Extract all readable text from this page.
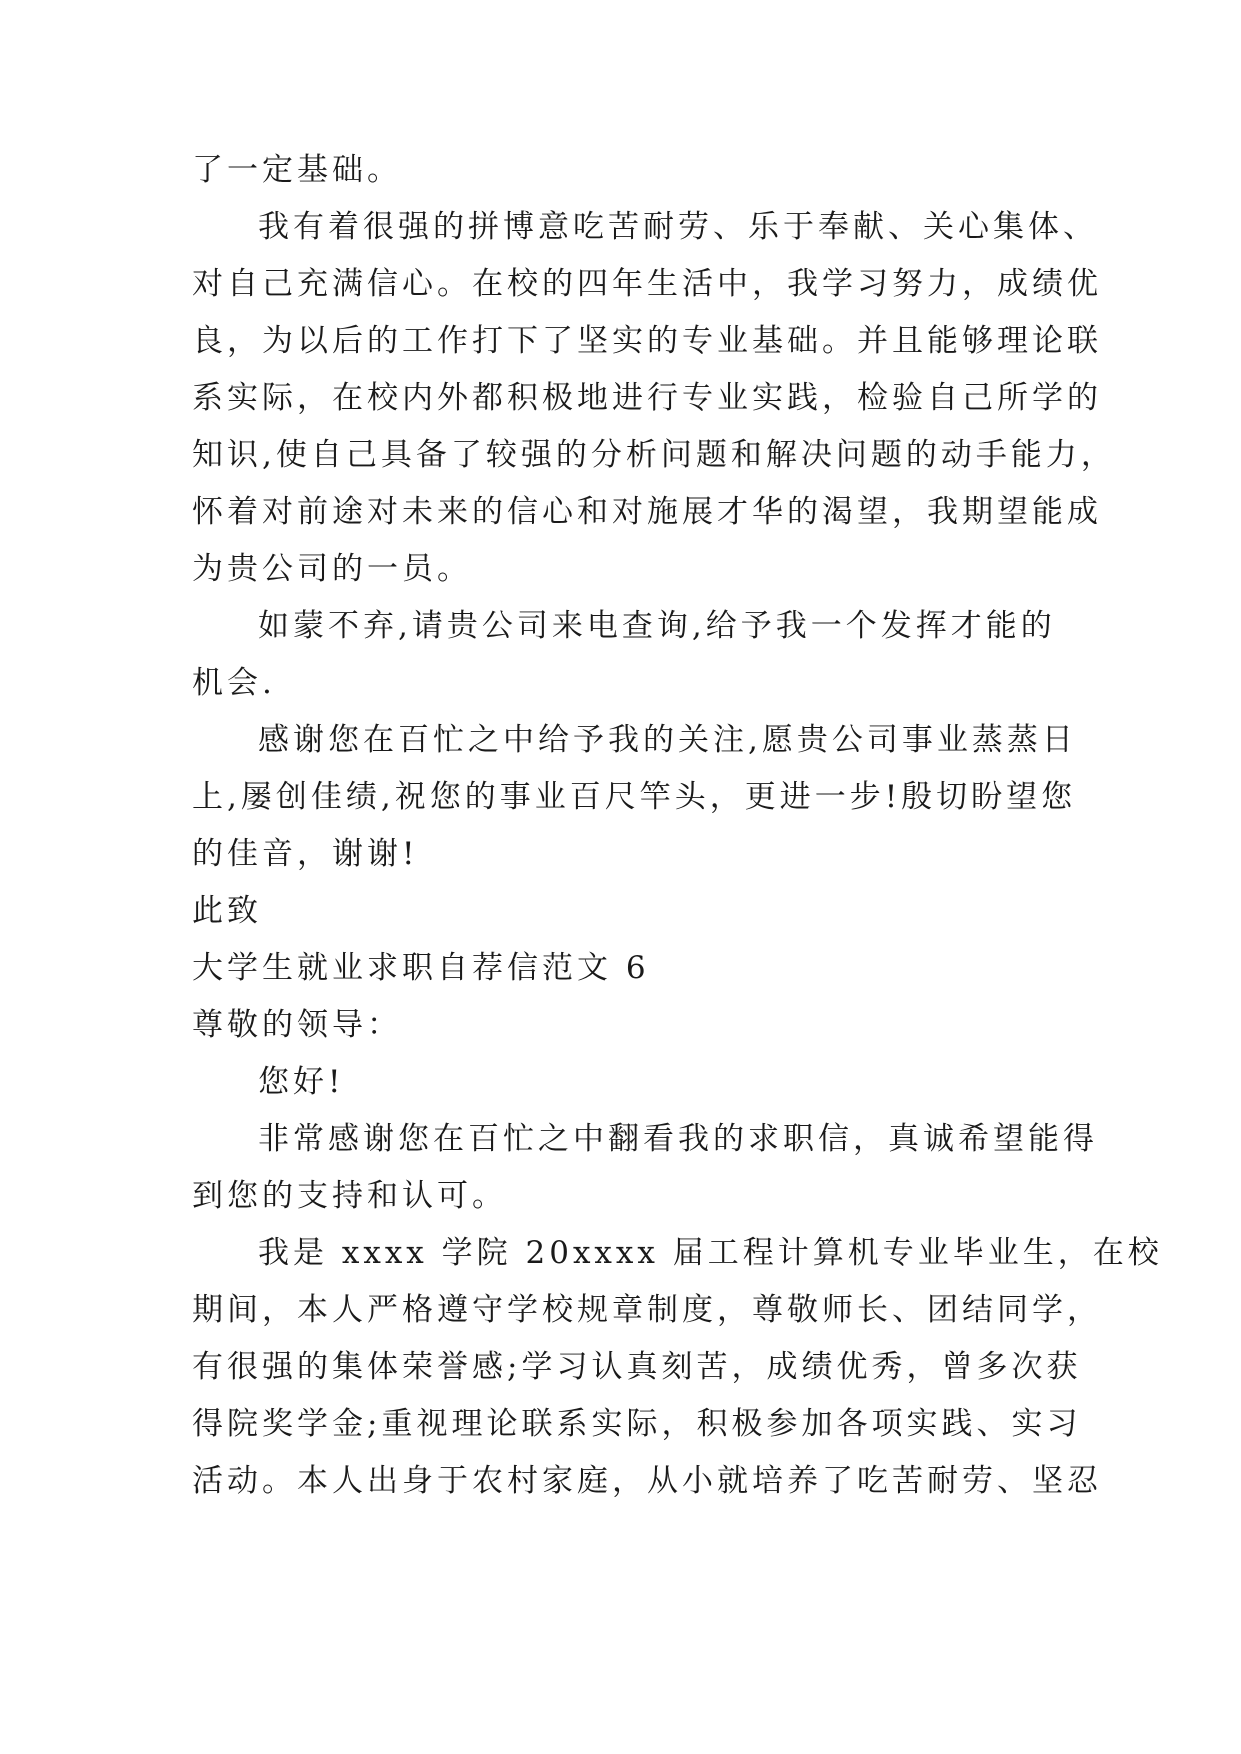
了一定基础。
我有着很强的拼博意吃苦耐劳、乐于奉献、关心集体、
对自己充满信心。在校的四年生活中，我学习努力，成绩优
良，为以后的工作打下了坚实的专业基础。并且能够理论联
系实际，在校内外都积极地进行专业实践，检验自己所学的
知识,使自己具备了较强的分析问题和解决问题的动手能力，
怀着对前途对未来的信心和对施展才华的渴望，我期望能成
为贵公司的一员。
如蒙不弃,请贵公司来电查询,给予我一个发挥才能的
机会.
感谢您在百忙之中给予我的关注,愿贵公司事业蒸蒸日
上,屡创佳绩,祝您的事业百尺竿头，更进一步!殷切盼望您
的佳音，谢谢!
此致
大学生就业求职自荐信范文 6
尊敬的领导：
您好!
非常感谢您在百忙之中翻看我的求职信，真诚希望能得
到您的支持和认可。
我是 xxxx 学院 20xxxx 届工程计算机专业毕业生，在校
期间，本人严格遵守学校规章制度，尊敬师长、团结同学，
有很强的集体荣誉感;学习认真刻苦，成绩优秀，曾多次获
得院奖学金;重视理论联系实际，积极参加各项实践、实习
活动。本人出身于农村家庭，从小就培养了吃苦耐劳、坚忍
